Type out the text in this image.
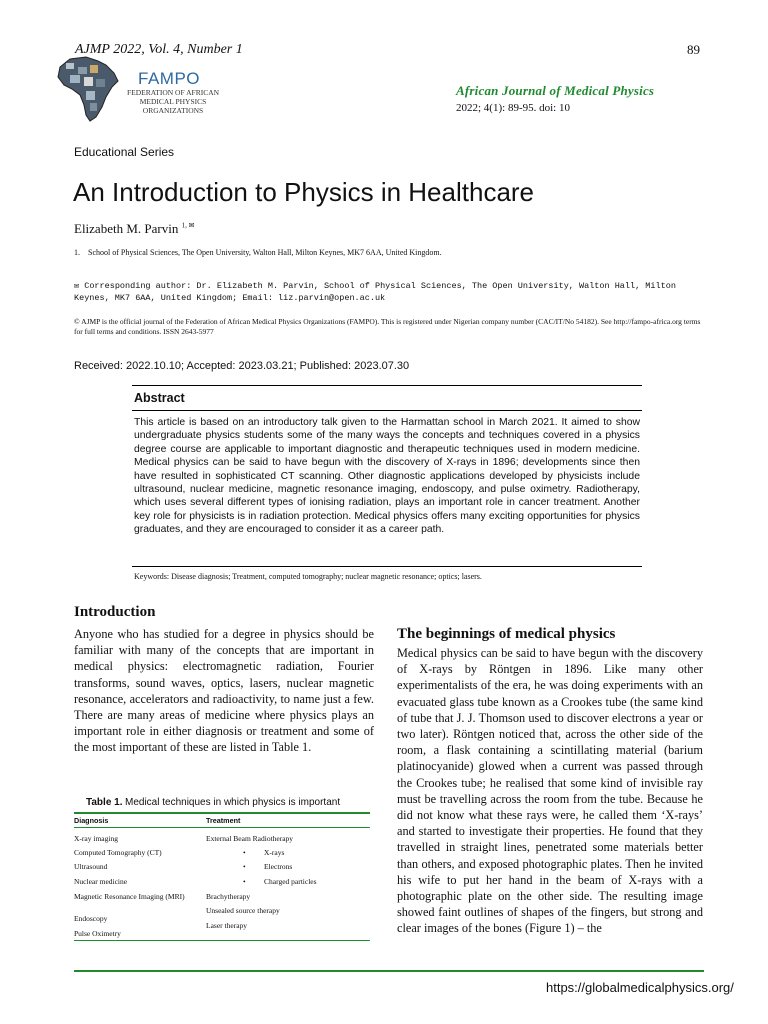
AJMP 2022, Vol. 4, Number 1	89
FAMPO
FEDERATION OF AFRICAN
MEDICAL PHYSICS
ORGANIZATIONS
African Journal of Medical Physics
2022; 4(1): 89-95. doi: 10
Educational Series
An Introduction to Physics in Healthcare
Elizabeth M. Parvin $^{1, ✉}$
1.    School of Physical Sciences, The Open University, Walton Hall, Milton Keynes, MK7 6AA, United Kingdom.
✉ Corresponding author: Dr. Elizabeth M. Parvin, School of Physical Sciences, The Open University, Walton Hall, Milton Keynes, MK7 6AA, United Kingdom; Email: liz.parvin@open.ac.uk
© AJMP is the official journal of the Federation of African Medical Physics Organizations (FAMPO). This is registered under Nigerian company number (CAC/IT/No 54182). See http://fampo-africa.org terms for full terms and conditions. ISSN 2643-5977
Received: 2022.10.10; Accepted: 2023.03.21; Published: 2023.07.30
Abstract
This article is based on an introductory talk given to the Harmattan school in March 2021. It aimed to show undergraduate physics students some of the many ways the concepts and techniques covered in a physics degree course are applicable to important diagnostic and therapeutic techniques used in modern medicine. Medical physics can be said to have begun with the discovery of X-rays in 1896; developments since then have resulted in sophisticated CT scanning. Other diagnostic applications developed by physicists include ultrasound, nuclear medicine, magnetic resonance imaging, endoscopy, and pulse oximetry. Radiotherapy, which uses several different types of ionising radiation, plays an important role in cancer treatment. Another key role for physicists is in radiation protection. Medical physics offers many exciting opportunities for physics graduates, and they are encouraged to consider it as a career path.
Keywords: Disease diagnosis; Treatment, computed tomography; nuclear magnetic resonance; optics; lasers.
Introduction
Anyone who has studied for a degree in physics should be familiar with many of the concepts that are important in medical physics: electromagnetic radiation, Fourier transforms, sound waves, optics, lasers, nuclear magnetic resonance, accelerators and radioactivity, to name just a few. There are many areas of medicine where physics plays an important role in either diagnosis or treatment and some of the most important of these are listed in Table 1.
Table 1. Medical techniques in which physics is important
Diagnosis	Treatment
X-ray imaging
Computed Tomography (CT)
Ultrasound
Nuclear medicine
Magnetic Resonance Imaging (MRI)
Endoscopy
Pulse Oximetry
External Beam Radiotherapy
• X-rays
• Electrons
• Charged particles
Brachytherapy
Unsealed source therapy
Laser therapy
The beginnings of medical physics
Medical physics can be said to have begun with the discovery of X-rays by Röntgen in 1896. Like many other experimentalists of the era, he was doing experiments with an evacuated glass tube known as a Crookes tube (the same kind of tube that J. J. Thomson used to discover electrons a year or two later). Röntgen noticed that, across the other side of the room, a flask containing a scintillating material (barium platinocyanide) glowed when a current was passed through the Crookes tube; he realised that some kind of invisible ray must be travelling across the room from the tube. Because he did not know what these rays were, he called them ‘X-rays’ and started to investigate their properties. He found that they travelled in straight lines, penetrated some materials better than others, and exposed photographic plates. Then he invited his wife to put her hand in the beam of X-rays with a photographic plate on the other side. The resulting image showed faint outlines of shapes of the fingers, but strong and clear images of the bones (Figure 1) – the
https://globalmedicalphysics.org/
